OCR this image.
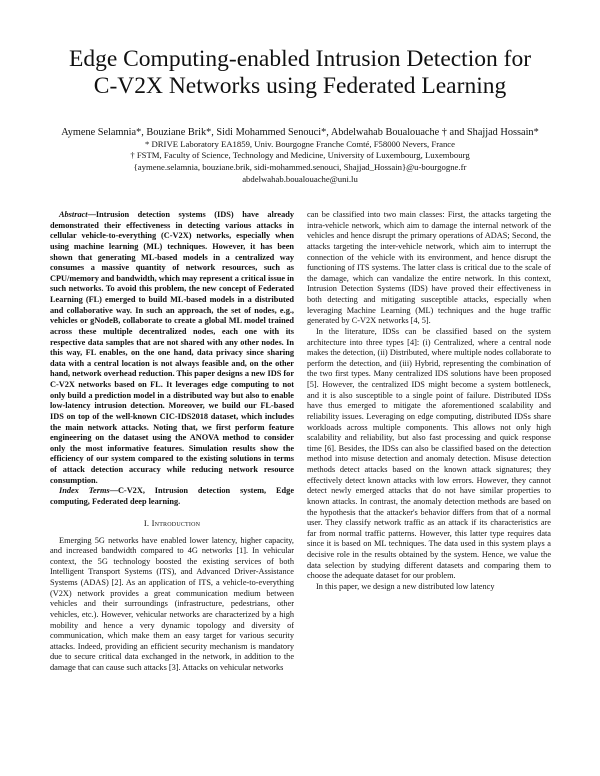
Edge Computing-enabled Intrusion Detection for
C-V2X Networks using Federated Learning
Aymene Selamnia*, Bouziane Brik*, Sidi Mohammed Senouci*, Abdelwahab Boualouache † and Shajjad Hossain*
* DRIVE Laboratory EA1859, Univ. Bourgogne Franche Comté, F58000 Nevers, France
† FSTM, Faculty of Science, Technology and Medicine, University of Luxembourg, Luxembourg
{aymene.selamnia, bouziane.brik, sidi-mohammed.senouci, Shajjad_Hossain}@u-bourgogne.fr
abdelwahab.boualouache@uni.lu

Abstract—Intrusion detection systems (IDS) have already demonstrated their effectiveness in detecting various attacks in cellular vehicle-to-everything (C-V2X) networks, especially when using machine learning (ML) techniques. However, it has been shown that generating ML-based models in a centralized way consumes a massive quantity of network resources, such as CPU/memory and bandwidth, which may represent a critical issue in such networks. To avoid this problem, the new concept of Federated Learning (FL) emerged to build ML-based models in a distributed and collaborative way. In such an approach, the set of nodes, e.g., vehicles or gNodeB, collaborate to create a global ML model trained across these multiple decentralized nodes, each one with its respective data samples that are not shared with any other nodes. In this way, FL enables, on the one hand, data privacy since sharing data with a central location is not always feasible and, on the other hand, network overhead reduction. This paper designs a new IDS for C-V2X networks based on FL. It leverages edge computing to not only build a prediction model in a distributed way but also to enable low-latency intrusion detection. Moreover, we build our FL-based IDS on top of the well-known CIC-IDS2018 dataset, which includes the main network attacks. Noting that, we first perform feature engineering on the dataset using the ANOVA method to consider only the most informative features. Simulation results show the efficiency of our system compared to the existing solutions in terms of attack detection accuracy while reducing network resource consumption.

Index Terms—C-V2X, Intrusion detection system, Edge computing, Federated deep learning.

I. Introduction

Emerging 5G networks have enabled lower latency, higher capacity, and increased bandwidth compared to 4G networks [1]. In vehicular context, the 5G technology boosted the existing services of both Intelligent Transport Systems (ITS), and Advanced Driver-Assistance Systems (ADAS) [2]. As an application of ITS, a vehicle-to-everything (V2X) network provides a great communication medium between vehicles and their surroundings (infrastructure, pedestrians, other vehicles, etc.). However, vehicular networks are characterized by a high mobility and hence a very dynamic topology and diversity of communication, which make them an easy target for various security attacks. Indeed, providing an efficient security mechanism is mandatory due to secure critical data exchanged in the network, in addition to the damage that can cause such attacks [3]. Attacks on vehicular networks

can be classified into two main classes: First, the attacks targeting the intra-vehicle network, which aim to damage the internal network of the vehicles and hence disrupt the primary operations of ADAS; Second, the attacks targeting the inter-vehicle network, which aim to interrupt the connection of the vehicle with its environment, and hence disrupt the functioning of ITS systems. The latter class is critical due to the scale of the damage, which can vandalize the entire network. In this context, Intrusion Detection Systems (IDS) have proved their effectiveness in both detecting and mitigating susceptible attacks, especially when leveraging Machine Learning (ML) techniques and the huge traffic generated by C-V2X networks [4, 5].

In the literature, IDSs can be classified based on the system architecture into three types [4]: (i) Centralized, where a central node makes the detection, (ii) Distributed, where multiple nodes collaborate to perform the detection, and (iii) Hybrid, representing the combination of the two first types. Many centralized IDS solutions have been proposed [5]. However, the centralized IDS might become a system bottleneck, and it is also susceptible to a single point of failure. Distributed IDSs have thus emerged to mitigate the aforementioned scalability and reliability issues. Leveraging on edge computing, distributed IDSs share workloads across multiple components. This allows not only high scalability and reliability, but also fast processing and quick response time [6]. Besides, the IDSs can also be classified based on the detection method into misuse detection and anomaly detection. Misuse detection methods detect attacks based on the known attack signatures; they effectively detect known attacks with low errors. However, they cannot detect newly emerged attacks that do not have similar properties to known attacks. In contrast, the anomaly detection methods are based on the hypothesis that the attacker's behavior differs from that of a normal user. They classify network traffic as an attack if its characteristics are far from normal traffic patterns. However, this latter type requires data since it is based on ML techniques. The data used in this system plays a decisive role in the results obtained by the system. Hence, we value the data selection by studying different datasets and comparing them to choose the adequate dataset for our problem.

In this paper, we design a new distributed low latency
